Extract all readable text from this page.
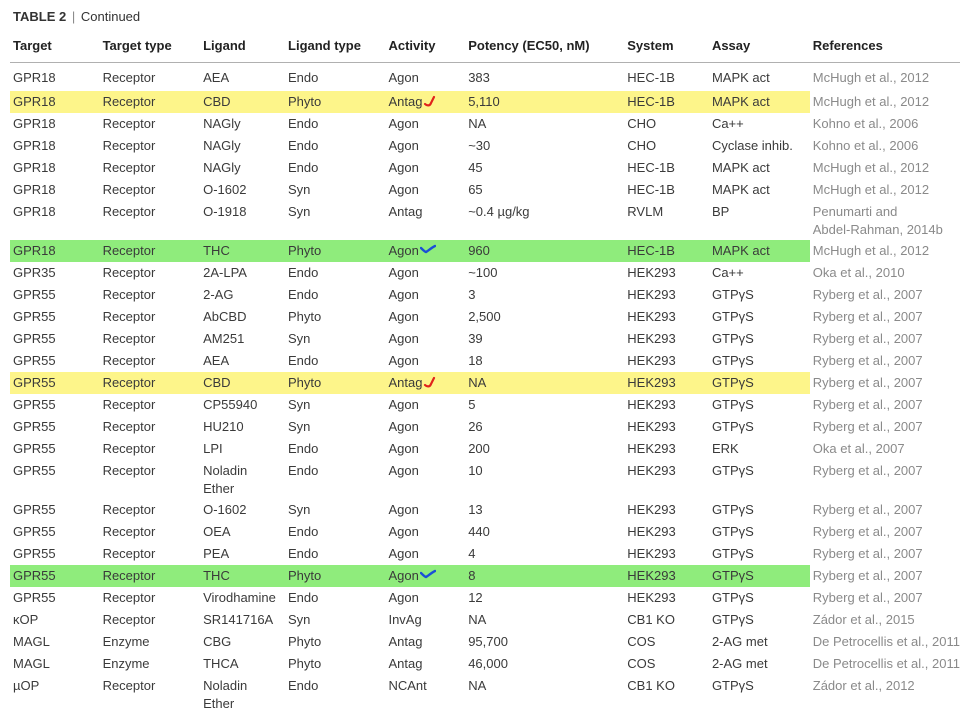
TABLE 2 | Continued
Target	Target type	Ligand	Ligand type	Activity	Potency (EC50, nM)	System	Assay	References
GPR18	Receptor	AEA	Endo	Agon	383	HEC-1B	MAPK act	McHugh et al., 2012
GPR18	Receptor	CBD	Phyto	Antag	5,110	HEC-1B	MAPK act	McHugh et al., 2012
GPR18	Receptor	NAGly	Endo	Agon	NA	CHO	Ca++	Kohno et al., 2006
GPR18	Receptor	NAGly	Endo	Agon	~30	CHO	Cyclase inhib.	Kohno et al., 2006
GPR18	Receptor	NAGly	Endo	Agon	45	HEC-1B	MAPK act	McHugh et al., 2012
GPR18	Receptor	O-1602	Syn	Agon	65	HEC-1B	MAPK act	McHugh et al., 2012
GPR18	Receptor	O-1918	Syn	Antag	~0.4 µg/kg	RVLM	BP	Penumarti and
Abdel-Rahman, 2014b
GPR18	Receptor	THC	Phyto	Agon	960	HEC-1B	MAPK act	McHugh et al., 2012
GPR35	Receptor	2A-LPA	Endo	Agon	~100	HEK293	Ca++	Oka et al., 2010
GPR55	Receptor	2-AG	Endo	Agon	3	HEK293	GTPγS	Ryberg et al., 2007
GPR55	Receptor	AbCBD	Phyto	Agon	2,500	HEK293	GTPγS	Ryberg et al., 2007
GPR55	Receptor	AM251	Syn	Agon	39	HEK293	GTPγS	Ryberg et al., 2007
GPR55	Receptor	AEA	Endo	Agon	18	HEK293	GTPγS	Ryberg et al., 2007
GPR55	Receptor	CBD	Phyto	Antag	NA	HEK293	GTPγS	Ryberg et al., 2007
GPR55	Receptor	CP55940	Syn	Agon	5	HEK293	GTPγS	Ryberg et al., 2007
GPR55	Receptor	HU210	Syn	Agon	26	HEK293	GTPγS	Ryberg et al., 2007
GPR55	Receptor	LPI	Endo	Agon	200	HEK293	ERK	Oka et al., 2007
GPR55	Receptor	Noladin
Ether	Endo	Agon	10	HEK293	GTPγS	Ryberg et al., 2007
GPR55	Receptor	O-1602	Syn	Agon	13	HEK293	GTPγS	Ryberg et al., 2007
GPR55	Receptor	OEA	Endo	Agon	440	HEK293	GTPγS	Ryberg et al., 2007
GPR55	Receptor	PEA	Endo	Agon	4	HEK293	GTPγS	Ryberg et al., 2007
GPR55	Receptor	THC	Phyto	Agon	8	HEK293	GTPγS	Ryberg et al., 2007
GPR55	Receptor	Virodhamine	Endo	Agon	12	HEK293	GTPγS	Ryberg et al., 2007
κOP	Receptor	SR141716A	Syn	InvAg	NA	CB1 KO	GTPγS	Zádor et al., 2015
MAGL	Enzyme	CBG	Phyto	Antag	95,700	COS	2-AG met	De Petrocellis et al., 2011
MAGL	Enzyme	THCA	Phyto	Antag	46,000	COS	2-AG met	De Petrocellis et al., 2011
µOP	Receptor	Noladin
Ether	Endo	NCAnt	NA	CB1 KO	GTPγS	Zádor et al., 2012
